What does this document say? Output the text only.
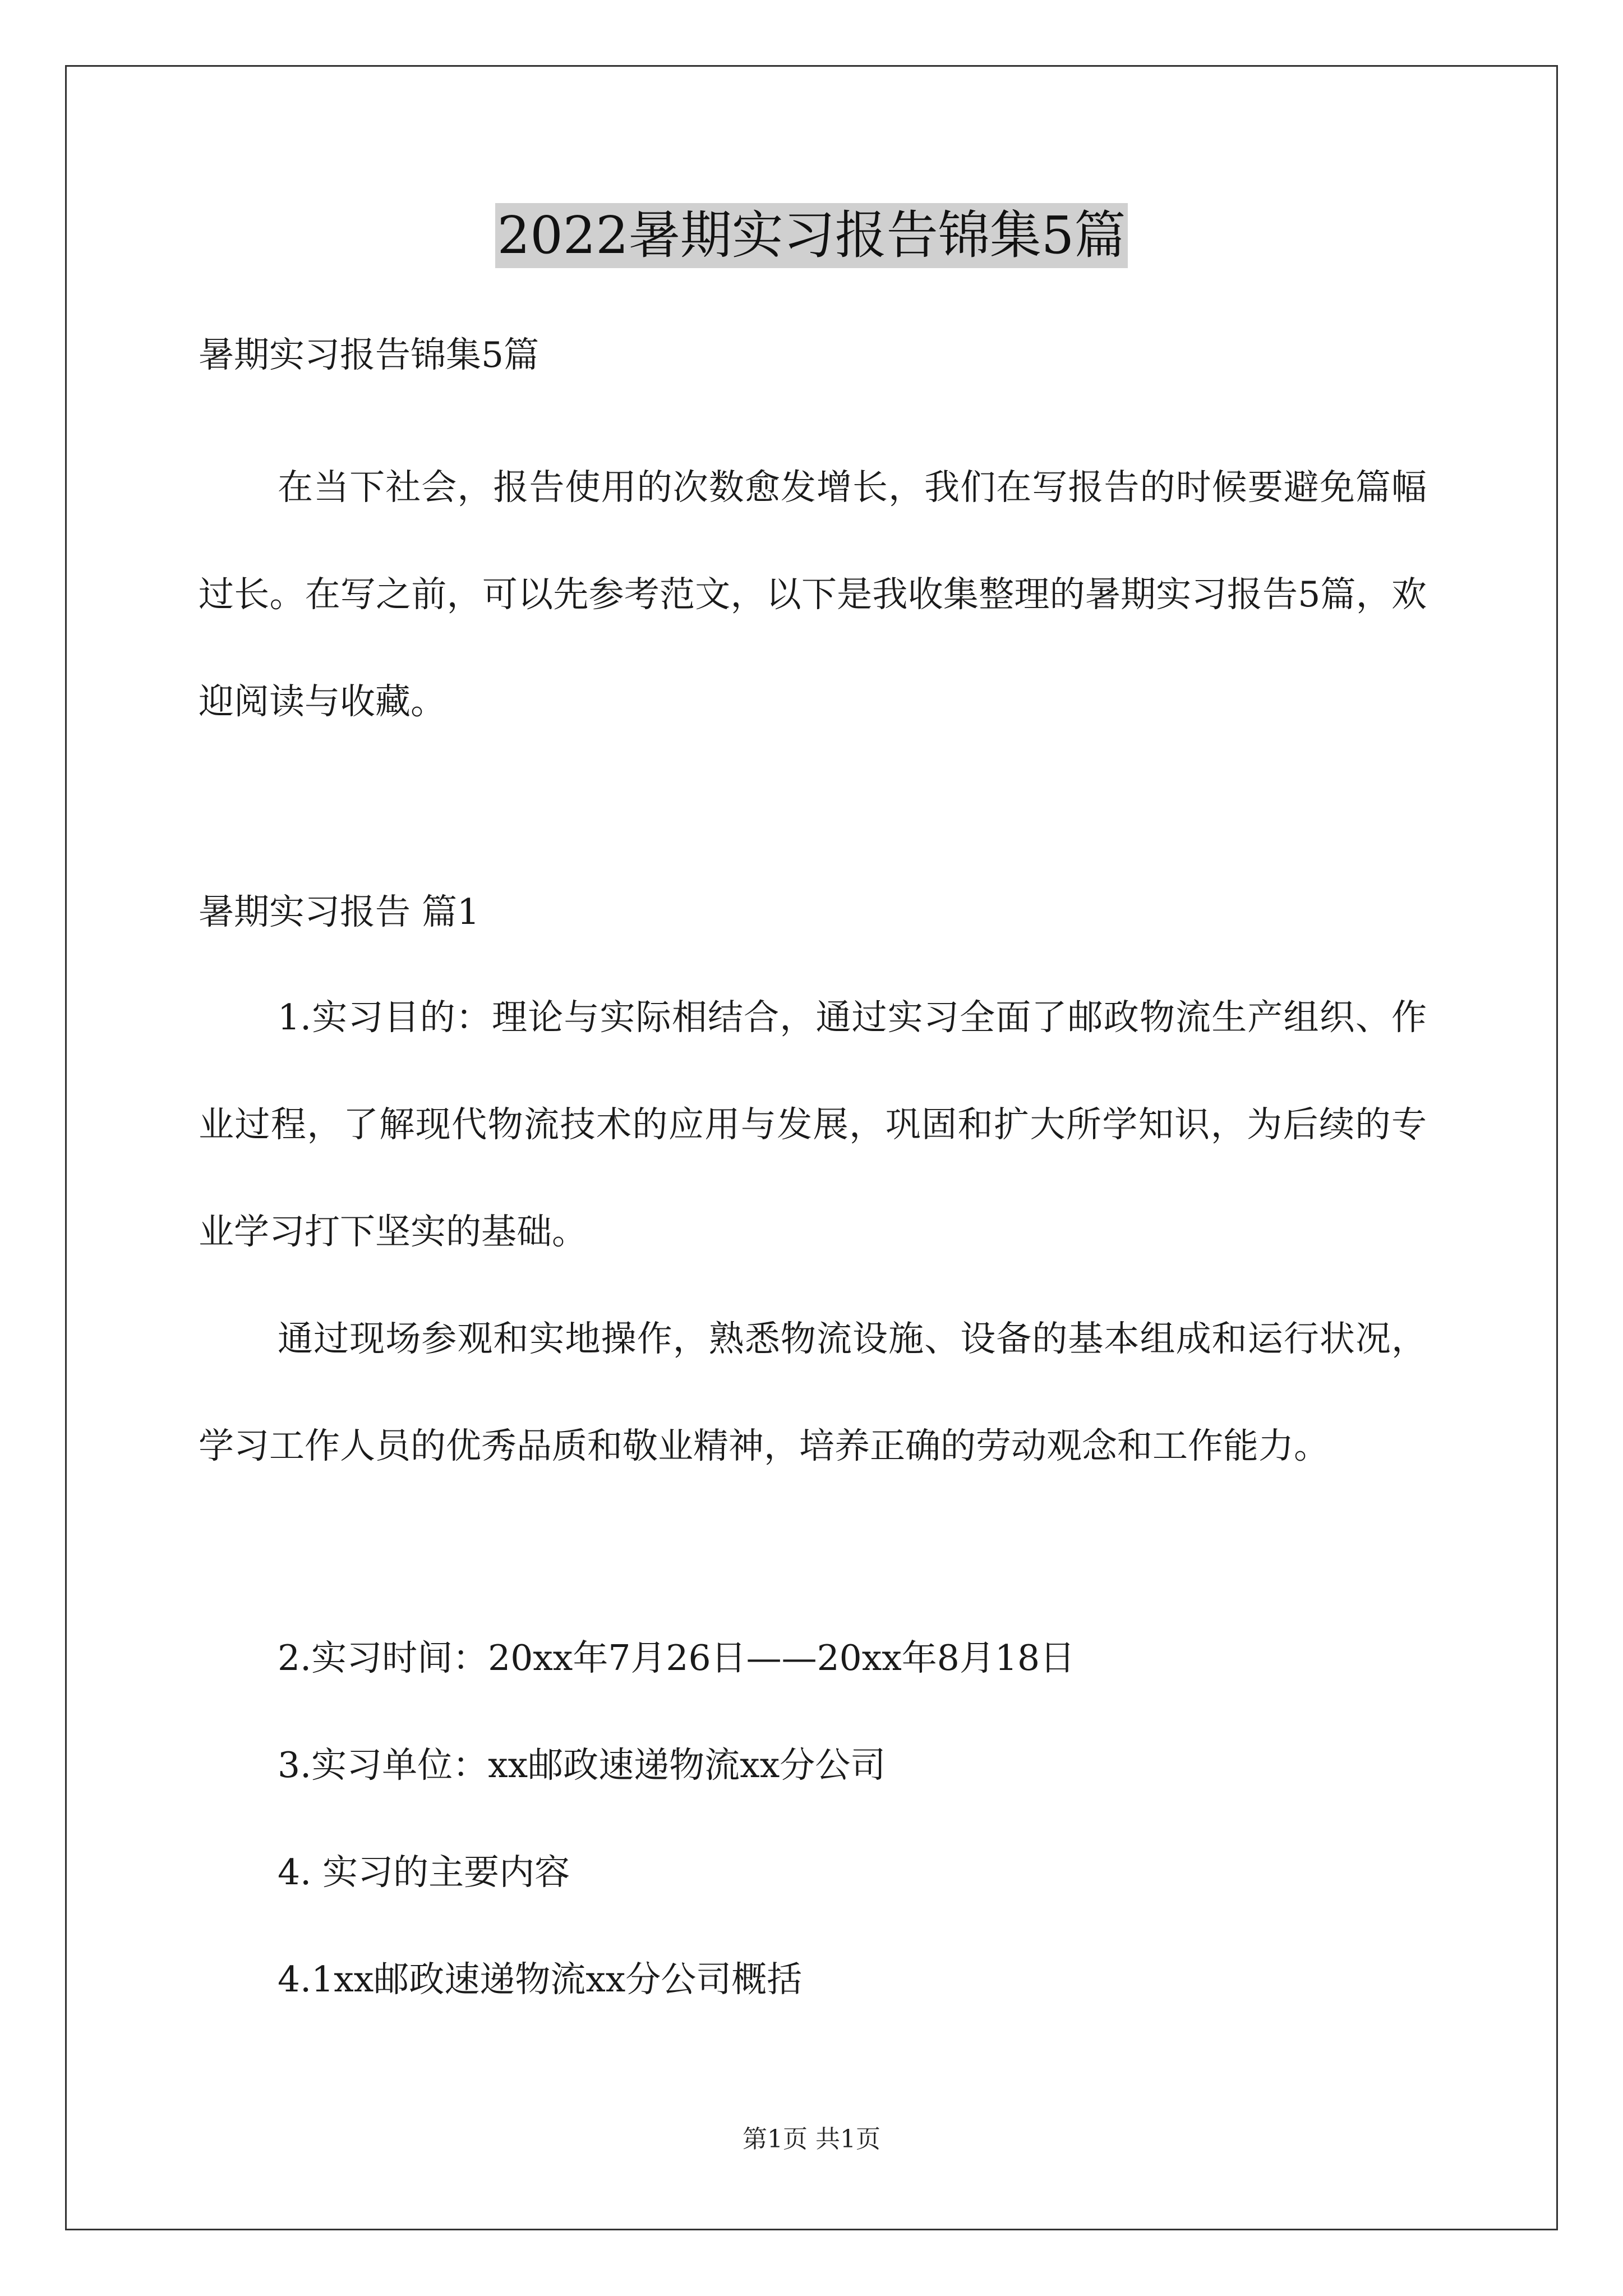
2022暑期实习报告锦集5篇
暑期实习报告锦集5篇

在当下社会，报告使用的次数愈发增长，我们在写报告的时候要避免篇幅过长。在写之前，可以先参考范文，以下是我收集整理的暑期实习报告5篇，欢迎阅读与收藏。

暑期实习报告 篇1

1.实习目的：理论与实际相结合，通过实习全面了邮政物流生产组织、作业过程，了解现代物流技术的应用与发展，巩固和扩大所学知识，为后续的专业学习打下坚实的基础。

通过现场参观和实地操作，熟悉物流设施、设备的基本组成和运行状况，学习工作人员的优秀品质和敬业精神，培养正确的劳动观念和工作能力。

2.实习时间：20xx年7月26日——20xx年8月18日
3.实习单位：xx邮政速递物流xx分公司
4. 实习的主要内容
4.1xx邮政速递物流xx分公司概括
第1页 共1页
